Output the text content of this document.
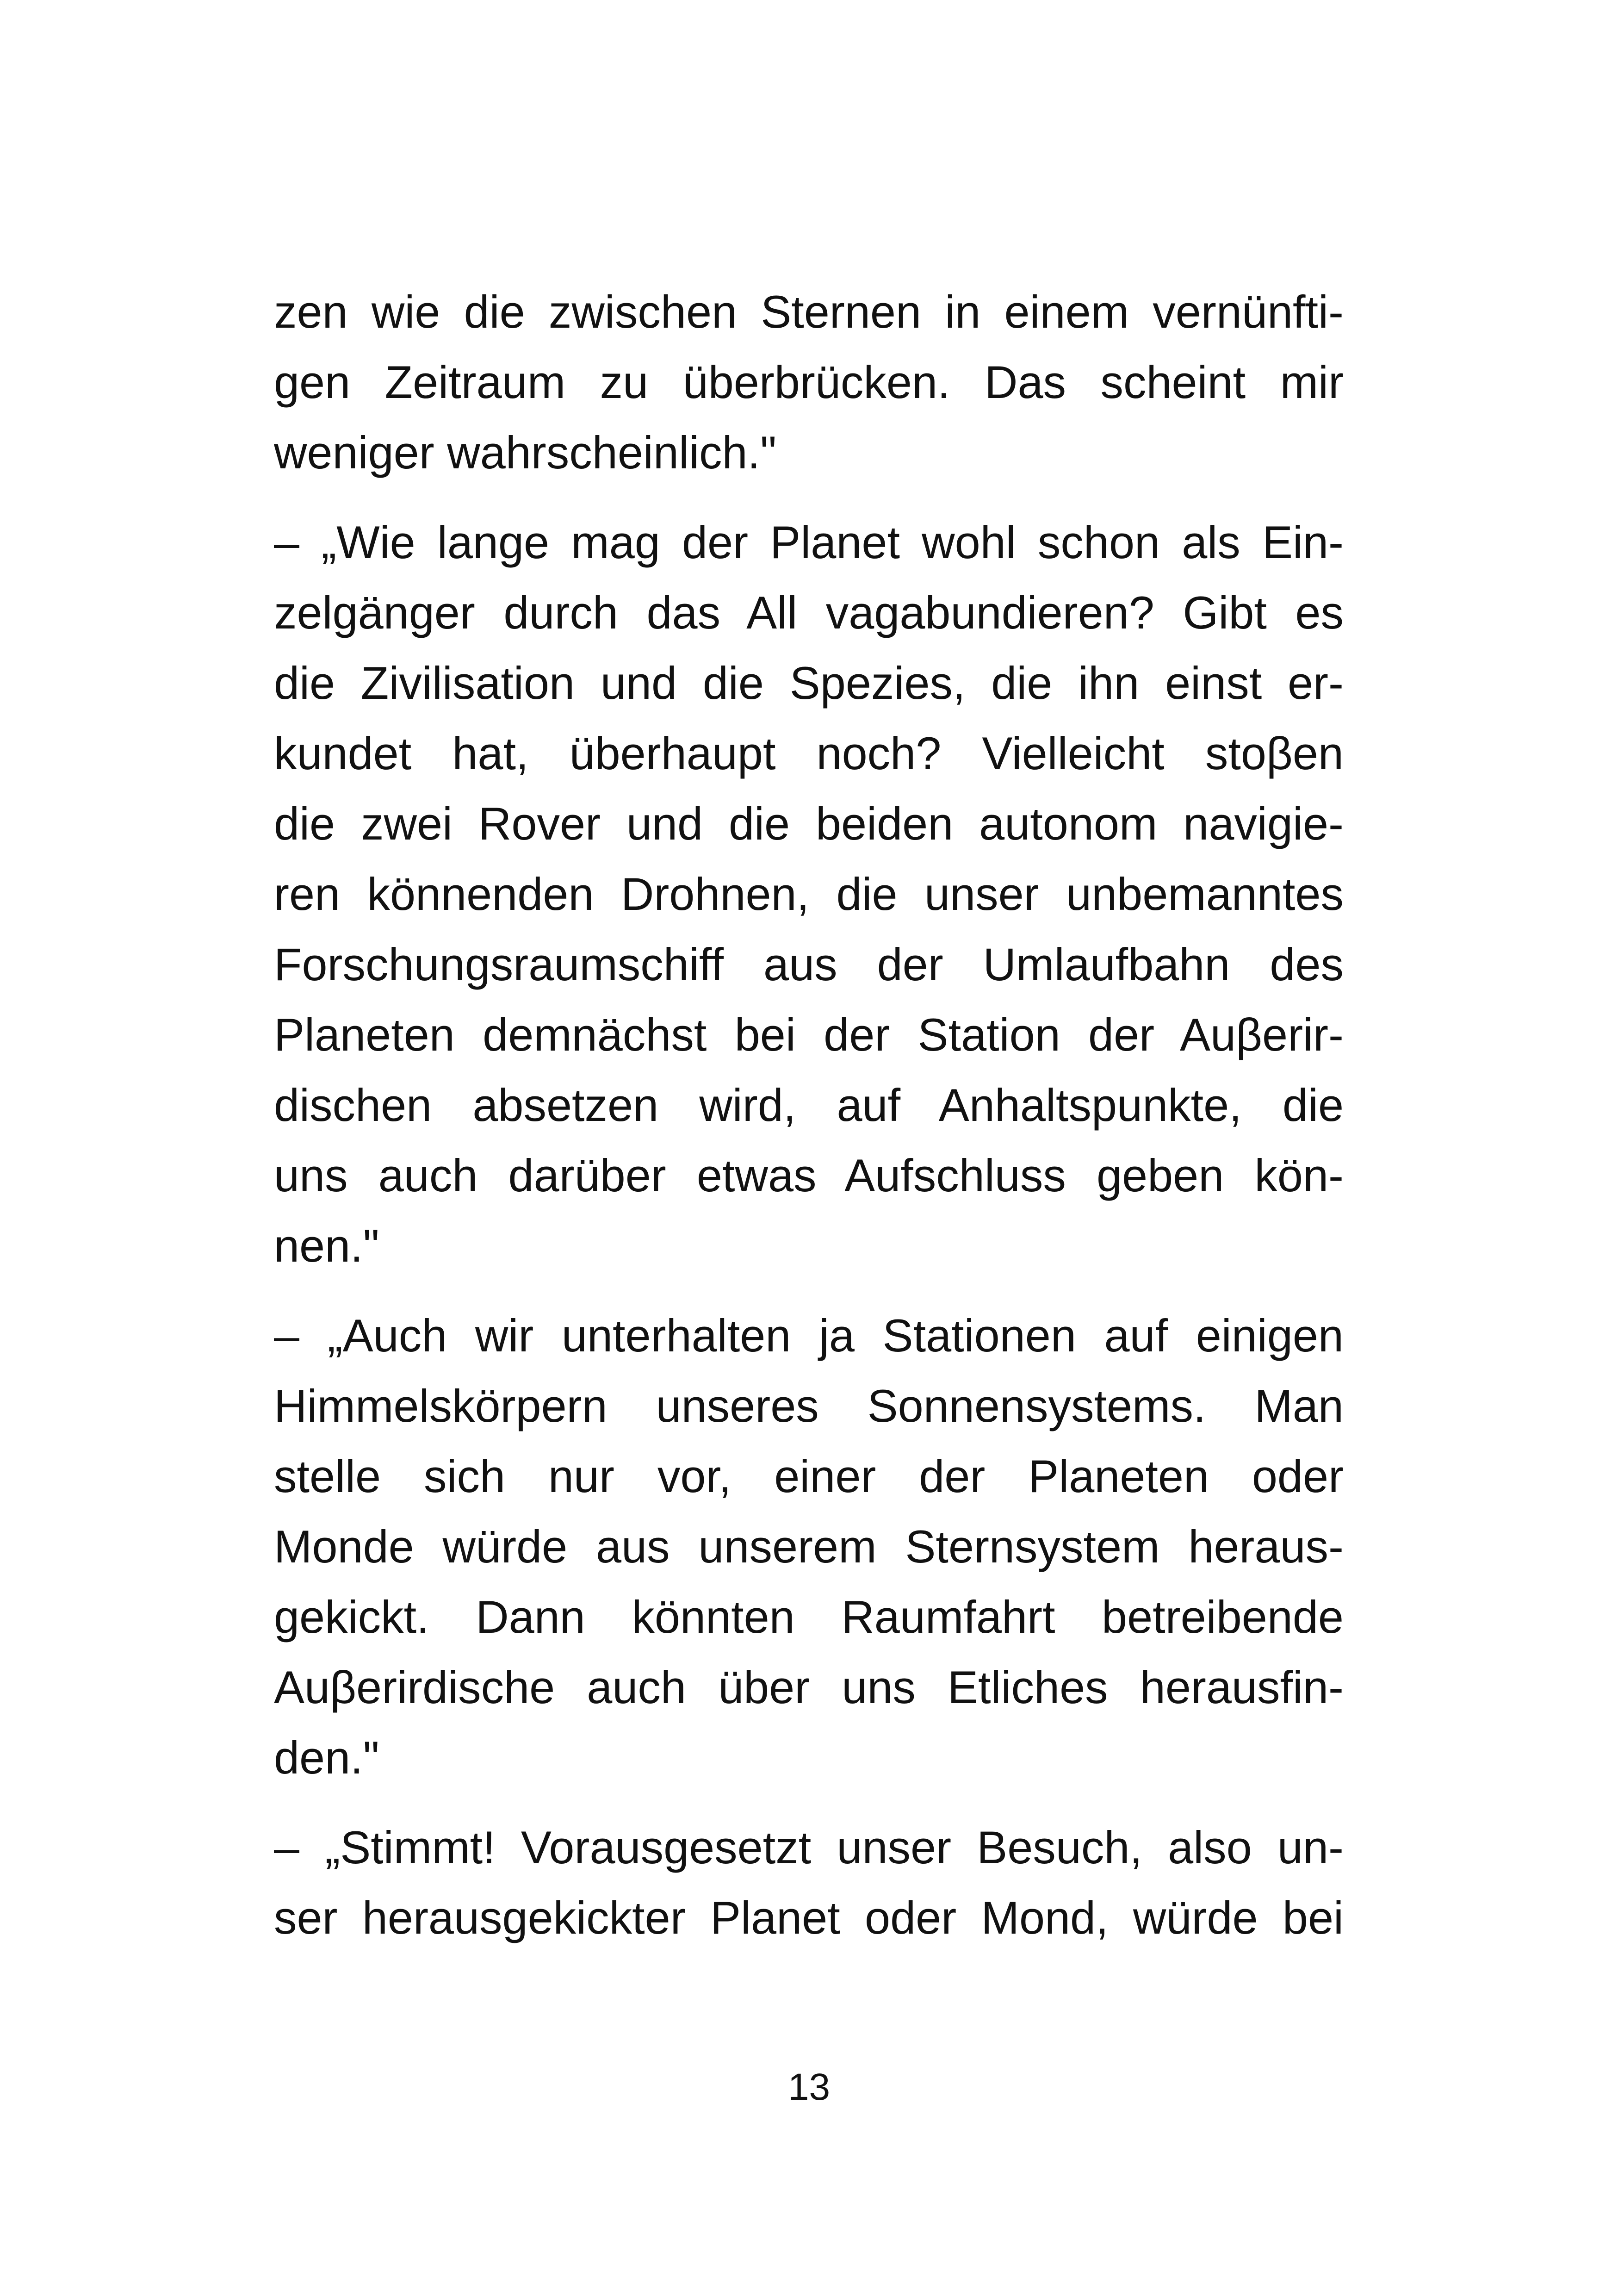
zen wie die zwischen Sternen in einem vernünfti-
gen Zeitraum zu überbrücken. Das scheint mir
weniger wahrscheinlich."
– „Wie lange mag der Planet wohl schon als Ein-
zelgänger durch das All vagabundieren? Gibt es
die Zivilisation und die Spezies, die ihn einst er-
kundet hat, überhaupt noch? Vielleicht stoβen
die zwei Rover und die beiden autonom navigie-
ren könnenden Drohnen, die unser unbemanntes
Forschungsraumschiff aus der Umlaufbahn des
Planeten demnächst bei der Station der Auβerir-
dischen absetzen wird, auf Anhaltspunkte, die
uns auch darüber etwas Aufschluss geben kön-
nen."
– „Auch wir unterhalten ja Stationen auf einigen
Himmelskörpern unseres Sonnensystems. Man
stelle sich nur vor, einer der Planeten oder
Monde würde aus unserem Sternsystem heraus-
gekickt. Dann könnten Raumfahrt betreibende
Auβerirdische auch über uns Etliches herausfin-
den."
– „Stimmt! Vorausgesetzt unser Besuch, also un-
ser herausgekickter Planet oder Mond, würde bei
13
